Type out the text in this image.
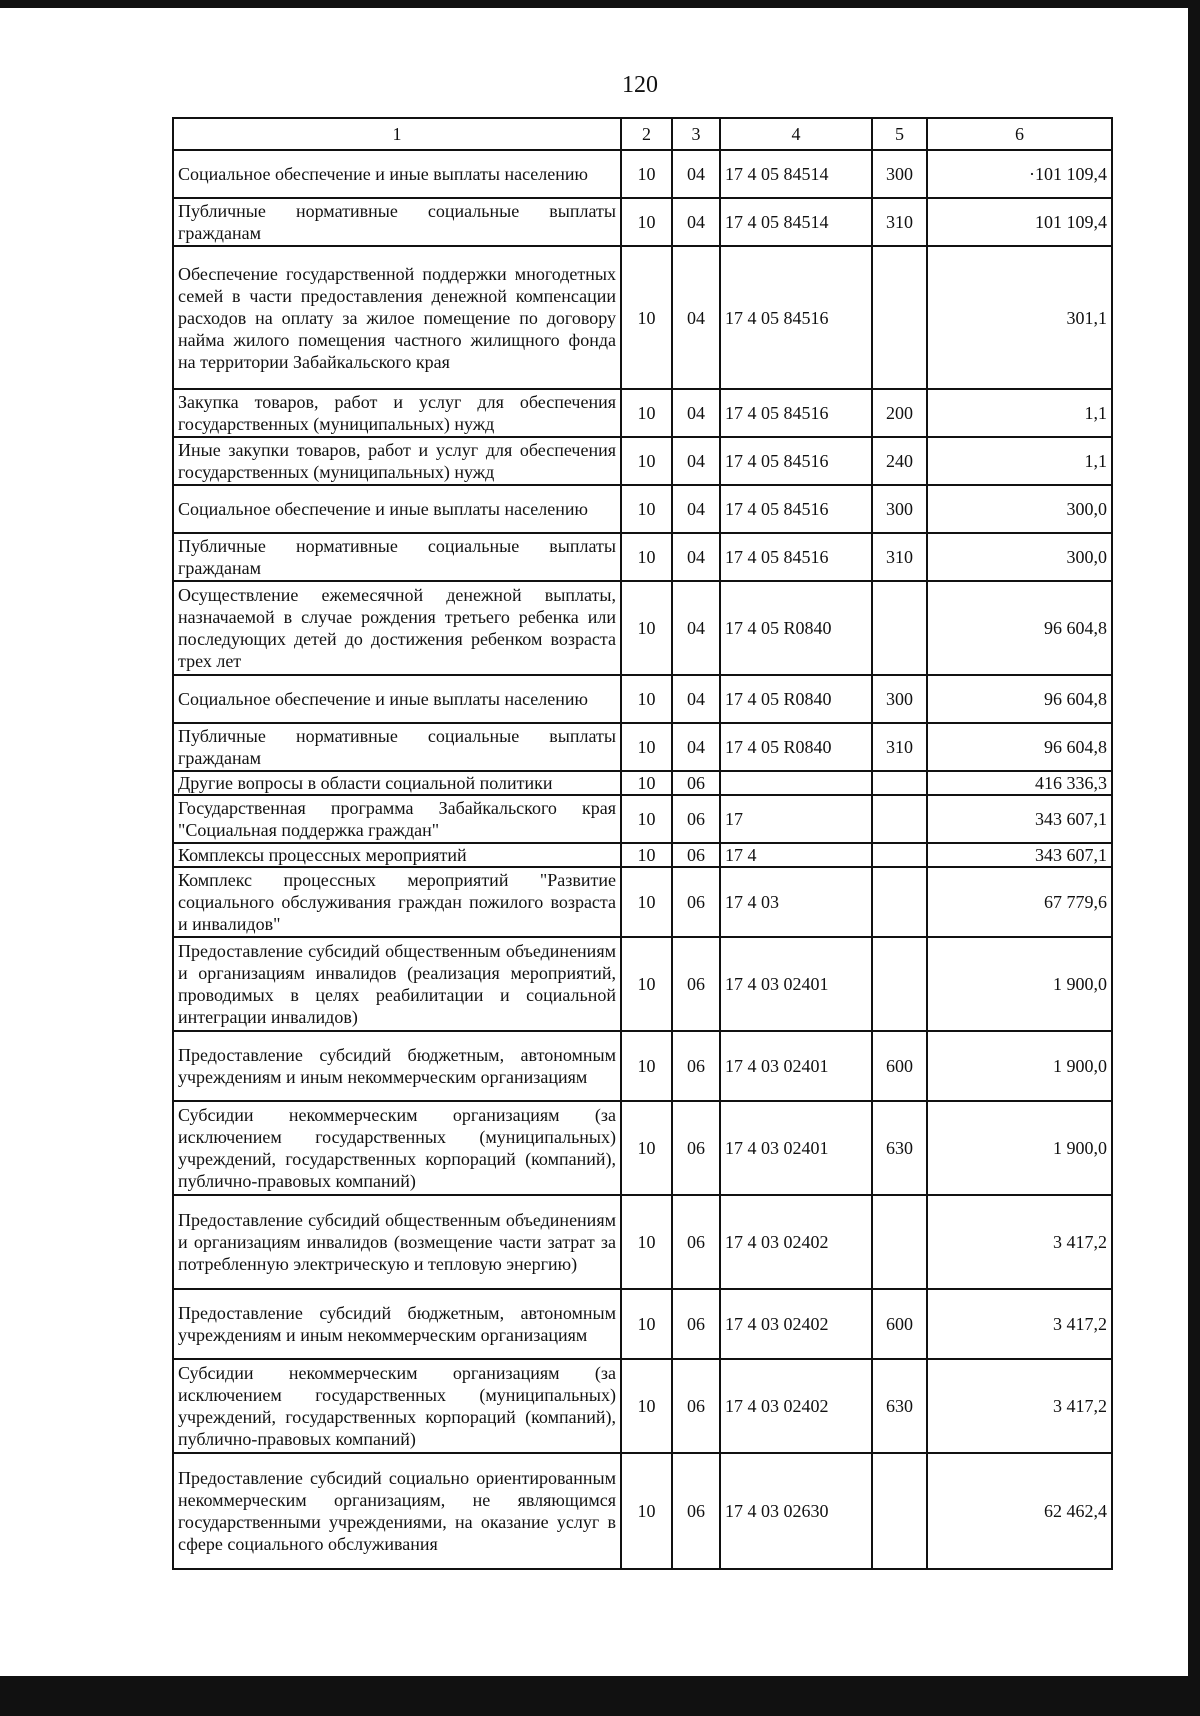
120
1	2	3	4	5	6
Социальное обеспечение и иные выплаты населению	10	04	17 4 05 84514	300	·101 109,4
Публичные нормативные социальные выплаты гражданам	10	04	17 4 05 84514	310	101 109,4
Обеспечение государственной поддержки многодетных семей в части предоставления денежной компенсации расходов на оплату за жилое помещение по договору найма жилого помещения частного жилищного фонда на территории Забайкальского края	10	04	17 4 05 84516		301,1
Закупка товаров, работ и услуг для обеспечения государственных (муниципальных) нужд	10	04	17 4 05 84516	200	1,1
Иные закупки товаров, работ и услуг для обеспечения государственных (муниципальных) нужд	10	04	17 4 05 84516	240	1,1
Социальное обеспечение и иные выплаты населению	10	04	17 4 05 84516	300	300,0
Публичные нормативные социальные выплаты гражданам	10	04	17 4 05 84516	310	300,0
Осуществление ежемесячной денежной выплаты, назначаемой в случае рождения третьего ребенка или последующих детей до достижения ребенком возраста трех лет	10	04	17 4 05 R0840		96 604,8
Социальное обеспечение и иные выплаты населению	10	04	17 4 05 R0840	300	96 604,8
Публичные нормативные социальные выплаты гражданам	10	04	17 4 05 R0840	310	96 604,8
Другие вопросы в области социальной политики	10	06			416 336,3
Государственная программа Забайкальского края "Социальная поддержка граждан"	10	06	17		343 607,1
Комплексы процессных мероприятий	10	06	17 4		343 607,1
Комплекс процессных мероприятий "Развитие социального обслуживания граждан пожилого возраста и инвалидов"	10	06	17 4 03		67 779,6
Предоставление субсидий общественным объединениям и организациям инвалидов (реализация мероприятий, проводимых в целях реабилитации и социальной интеграции инвалидов)	10	06	17 4 03 02401		1 900,0
Предоставление субсидий бюджетным, автономным учреждениям и иным некоммерческим организациям	10	06	17 4 03 02401	600	1 900,0
Субсидии некоммерческим организациям (за исключением государственных (муниципальных) учреждений, государственных корпораций (компаний), публично-правовых компаний)	10	06	17 4 03 02401	630	1 900,0
Предоставление субсидий общественным объединениям и организациям инвалидов (возмещение части затрат за потребленную электрическую и тепловую энергию)	10	06	17 4 03 02402		3 417,2
Предоставление субсидий бюджетным, автономным учреждениям и иным некоммерческим организациям	10	06	17 4 03 02402	600	3 417,2
Субсидии некоммерческим организациям (за исключением государственных (муниципальных) учреждений, государственных корпораций (компаний), публично-правовых компаний)	10	06	17 4 03 02402	630	3 417,2
Предоставление субсидий социально ориентированным некоммерческим организациям, не являющимся государственными учреждениями, на оказание услуг в сфере социального обслуживания	10	06	17 4 03 02630		62 462,4
